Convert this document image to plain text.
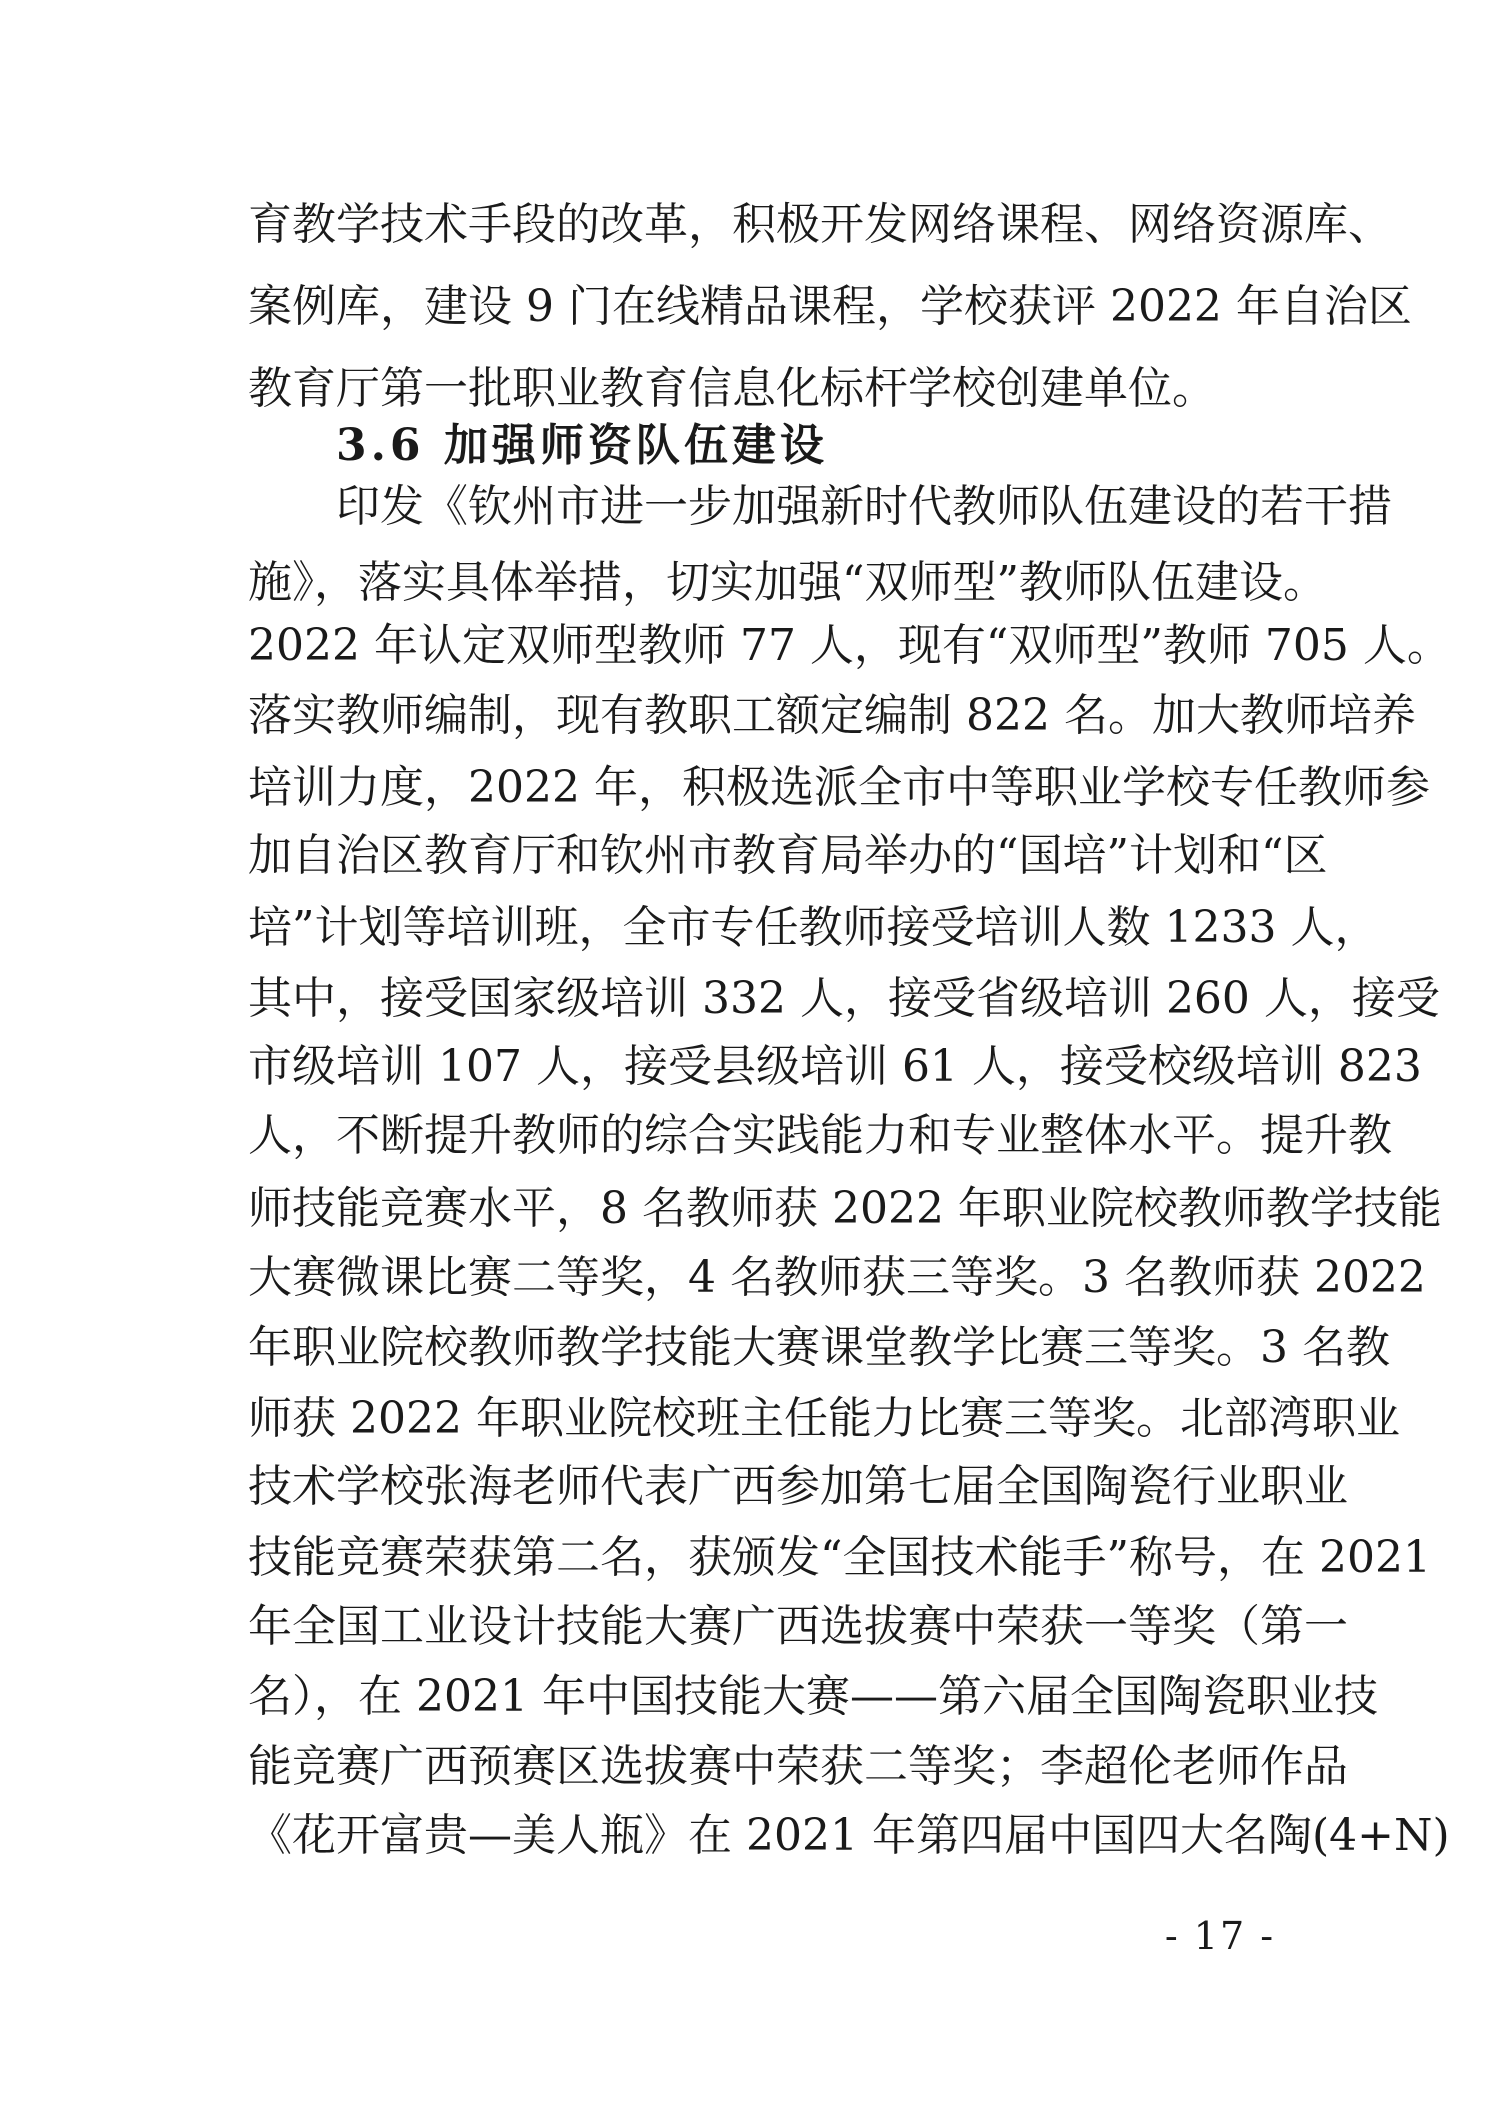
育教学技术手段的改革，积极开发网络课程、网络资源库、
案例库，建设 9 门在线精品课程，学校获评 2022 年自治区
教育厅第一批职业教育信息化标杆学校创建单位。
3.6 加强师资队伍建设
印发《钦州市进一步加强新时代教师队伍建设的若干措
施》，落实具体举措，切实加强“双师型”教师队伍建设。
2022 年认定双师型教师 77 人，现有“双师型”教师 705 人。
落实教师编制，现有教职工额定编制 822 名。加大教师培养
培训力度，2022 年，积极选派全市中等职业学校专任教师参
加自治区教育厅和钦州市教育局举办的“国培”计划和“区
培”计划等培训班，全市专任教师接受培训人数 1233 人，
其中，接受国家级培训 332 人，接受省级培训 260 人，接受
市级培训 107 人，接受县级培训 61 人，接受校级培训 823
人，不断提升教师的综合实践能力和专业整体水平。提升教
师技能竞赛水平，8 名教师获 2022 年职业院校教师教学技能
大赛微课比赛二等奖，4 名教师获三等奖。3 名教师获 2022
年职业院校教师教学技能大赛课堂教学比赛三等奖。3 名教
师获 2022 年职业院校班主任能力比赛三等奖。北部湾职业
技术学校张海老师代表广西参加第七届全国陶瓷行业职业
技能竞赛荣获第二名，获颁发“全国技术能手”称号，在 2021
年全国工业设计技能大赛广西选拔赛中荣获一等奖（第一
名），在 2021 年中国技能大赛——第六届全国陶瓷职业技
能竞赛广西预赛区选拔赛中荣获二等奖；李超伦老师作品
《花开富贵—美人瓶》在 2021 年第四届中国四大名陶(4+N)
- 17 -
